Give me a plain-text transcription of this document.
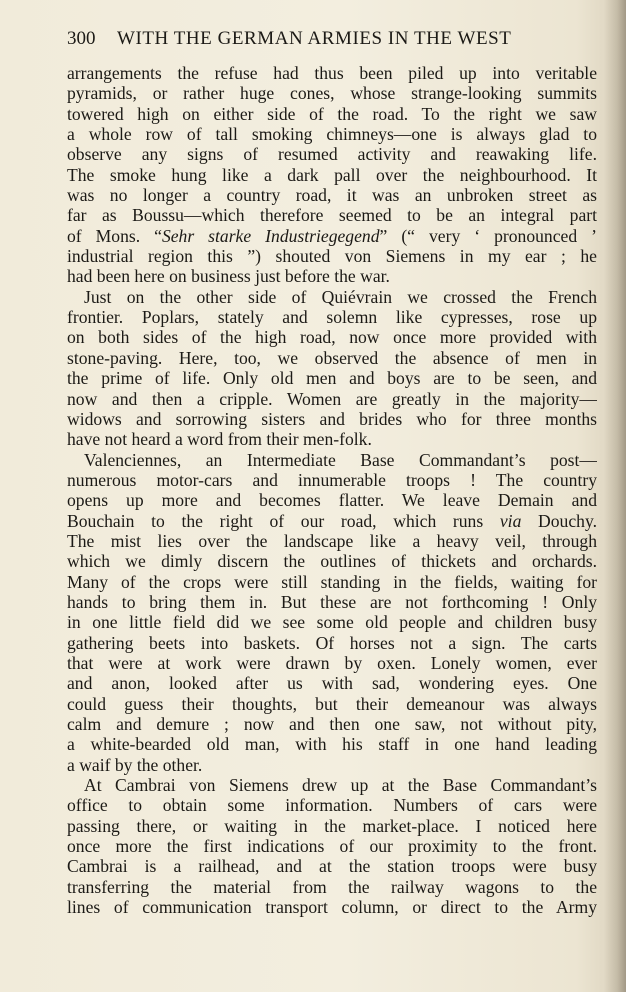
300 WITH THE GERMAN ARMIES IN THE WEST
arrangements the refuse had thus been piled up into veritable
pyramids, or rather huge cones, whose strange-looking summits
towered high on either side of the road. To the right we saw
a whole row of tall smoking chimneys—one is always glad to
observe any signs of resumed activity and reawaking life.
The smoke hung like a dark pall over the neighbourhood. It
was no longer a country road, it was an unbroken street as
far as Boussu—which therefore seemed to be an integral part
of Mons. “Sehr starke Industriegegend” (“ very ‘ pronounced ’
industrial region this ”) shouted von Siemens in my ear ; he
had been here on business just before the war.
Just on the other side of Quiévrain we crossed the French
frontier. Poplars, stately and solemn like cypresses, rose up
on both sides of the high road, now once more provided with
stone-paving. Here, too, we observed the absence of men in
the prime of life. Only old men and boys are to be seen, and
now and then a cripple. Women are greatly in the majority—
widows and sorrowing sisters and brides who for three months
have not heard a word from their men-folk.
Valenciennes, an Intermediate Base Commandant’s post—
numerous motor-cars and innumerable troops ! The country
opens up more and becomes flatter. We leave Demain and
Bouchain to the right of our road, which runs via Douchy.
The mist lies over the landscape like a heavy veil, through
which we dimly discern the outlines of thickets and orchards.
Many of the crops were still standing in the fields, waiting for
hands to bring them in. But these are not forthcoming ! Only
in one little field did we see some old people and children busy
gathering beets into baskets. Of horses not a sign. The carts
that were at work were drawn by oxen. Lonely women, ever
and anon, looked after us with sad, wondering eyes. One
could guess their thoughts, but their demeanour was always
calm and demure ; now and then one saw, not without pity,
a white-bearded old man, with his staff in one hand leading
a waif by the other.
At Cambrai von Siemens drew up at the Base Commandant’s
office to obtain some information. Numbers of cars were
passing there, or waiting in the market-place. I noticed here
once more the first indications of our proximity to the front.
Cambrai is a railhead, and at the station troops were busy
transferring the material from the railway wagons to the
lines of communication transport column, or direct to the Army
